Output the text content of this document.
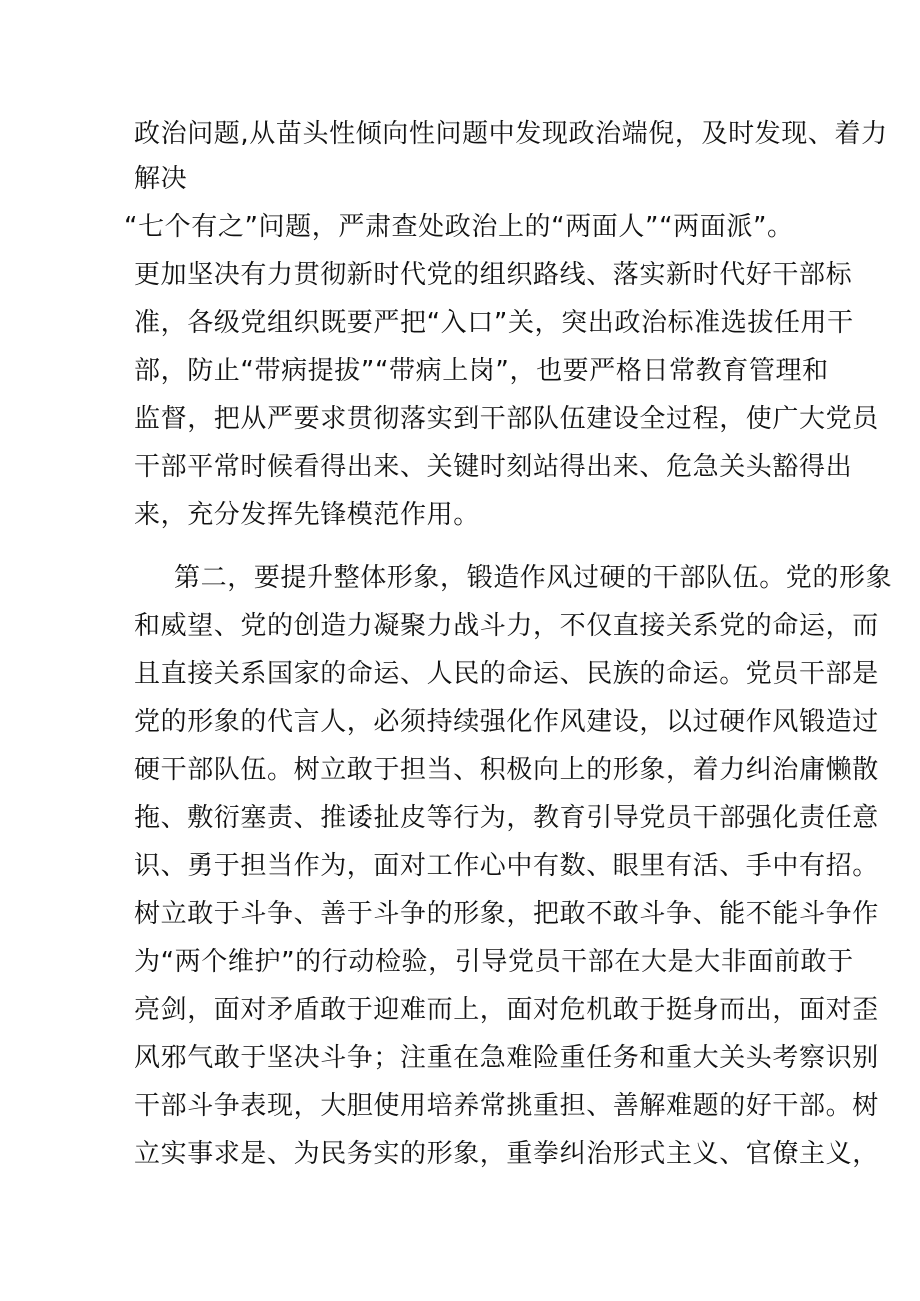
政治问题,从苗头性倾向性问题中发现政治端倪，及时发现、着力
解决
“七个有之”问题，严肃查处政治上的“两面人”“两面派”。
更加坚决有力贯彻新时代党的组织路线、落实新时代好干部标
准，各级党组织既要严把“入口”关，突出政治标准选拔任用干
部，防止“带病提拔”“带病上岗”，也要严格日常教育管理和
监督，把从严要求贯彻落实到干部队伍建设全过程，使广大党员
干部平常时候看得出来、关键时刻站得出来、危急关头豁得出
来，充分发挥先锋模范作用。
第二，要提升整体形象，锻造作风过硬的干部队伍。党的形象
和威望、党的创造力凝聚力战斗力，不仅直接关系党的命运，而
且直接关系国家的命运、人民的命运、民族的命运。党员干部是
党的形象的代言人，必须持续强化作风建设，以过硬作风锻造过
硬干部队伍。树立敢于担当、积极向上的形象，着力纠治庸懒散
拖、敷衍塞责、推诿扯皮等行为，教育引导党员干部强化责任意
识、勇于担当作为，面对工作心中有数、眼里有活、手中有招。
树立敢于斗争、善于斗争的形象，把敢不敢斗争、能不能斗争作
为“两个维护”的行动检验，引导党员干部在大是大非面前敢于
亮剑，面对矛盾敢于迎难而上，面对危机敢于挺身而出，面对歪
风邪气敢于坚决斗争；注重在急难险重任务和重大关头考察识别
干部斗争表现，大胆使用培养常挑重担、善解难题的好干部。树
立实事求是、为民务实的形象，重拳纠治形式主义、官僚主义，
